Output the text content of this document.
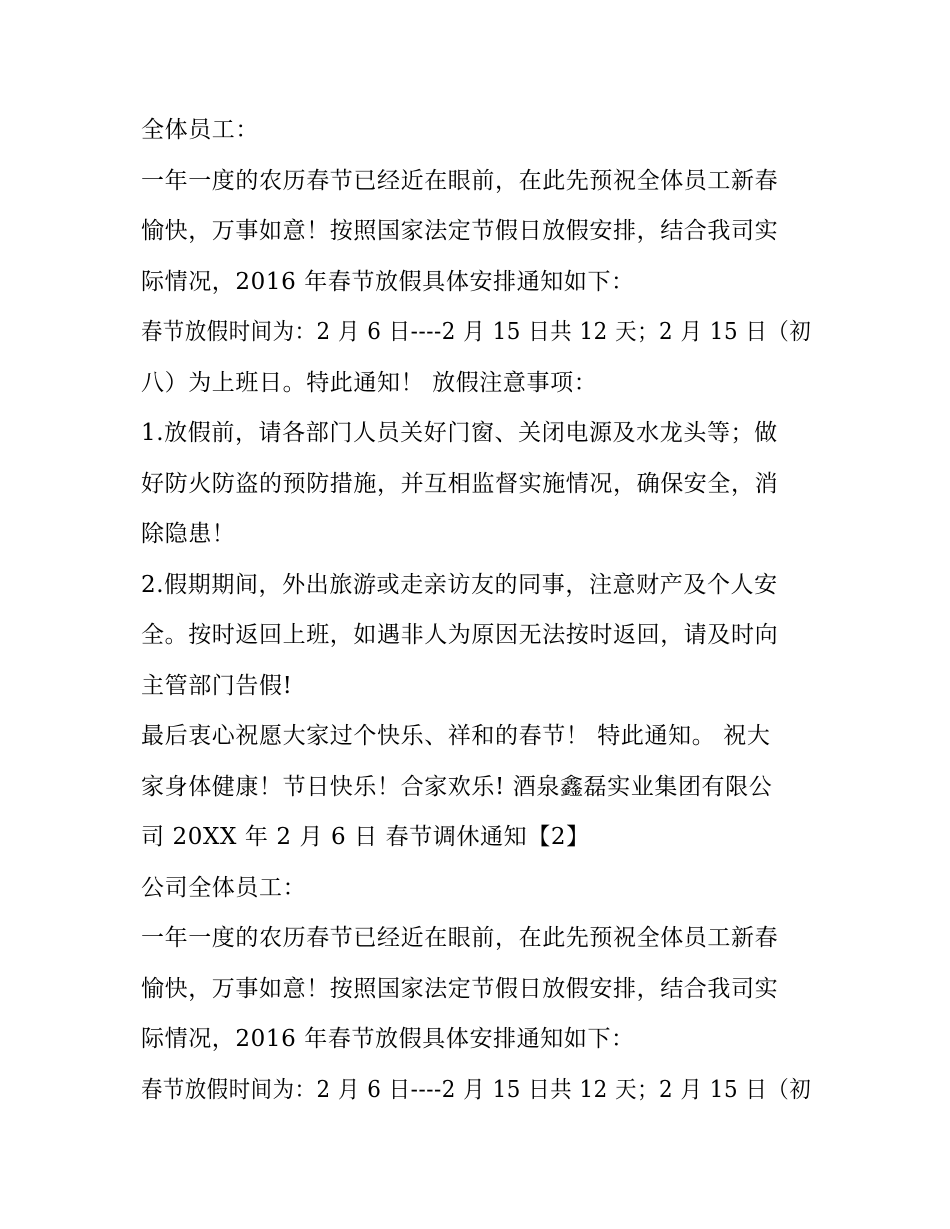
全体员工：
一年一度的农历春节已经近在眼前，在此先预祝全体员工新春
愉快，万事如意！按照国家法定节假日放假安排，结合我司实
际情况，2016 年春节放假具体安排通知如下：
春节放假时间为：2 月 6 日----2 月 15 日共 12 天；2 月 15 日（初
八）为上班日。特此通知！ 放假注意事项：
1.放假前，请各部门人员关好门窗、关闭电源及水龙头等；做
好防火防盗的预防措施，并互相监督实施情况，确保安全，消
除隐患！
2.假期期间，外出旅游或走亲访友的同事，注意财产及个人安
全。按时返回上班，如遇非人为原因无法按时返回，请及时向
主管部门告假!
最后衷心祝愿大家过个快乐、祥和的春节！ 特此通知。 祝大
家身体健康！节日快乐！合家欢乐! 酒泉鑫磊实业集团有限公
司 20XX 年 2 月 6 日 春节调休通知【2】
公司全体员工：
一年一度的农历春节已经近在眼前，在此先预祝全体员工新春
愉快，万事如意！按照国家法定节假日放假安排，结合我司实
际情况，2016 年春节放假具体安排通知如下：
春节放假时间为：2 月 6 日----2 月 15 日共 12 天；2 月 15 日（初
